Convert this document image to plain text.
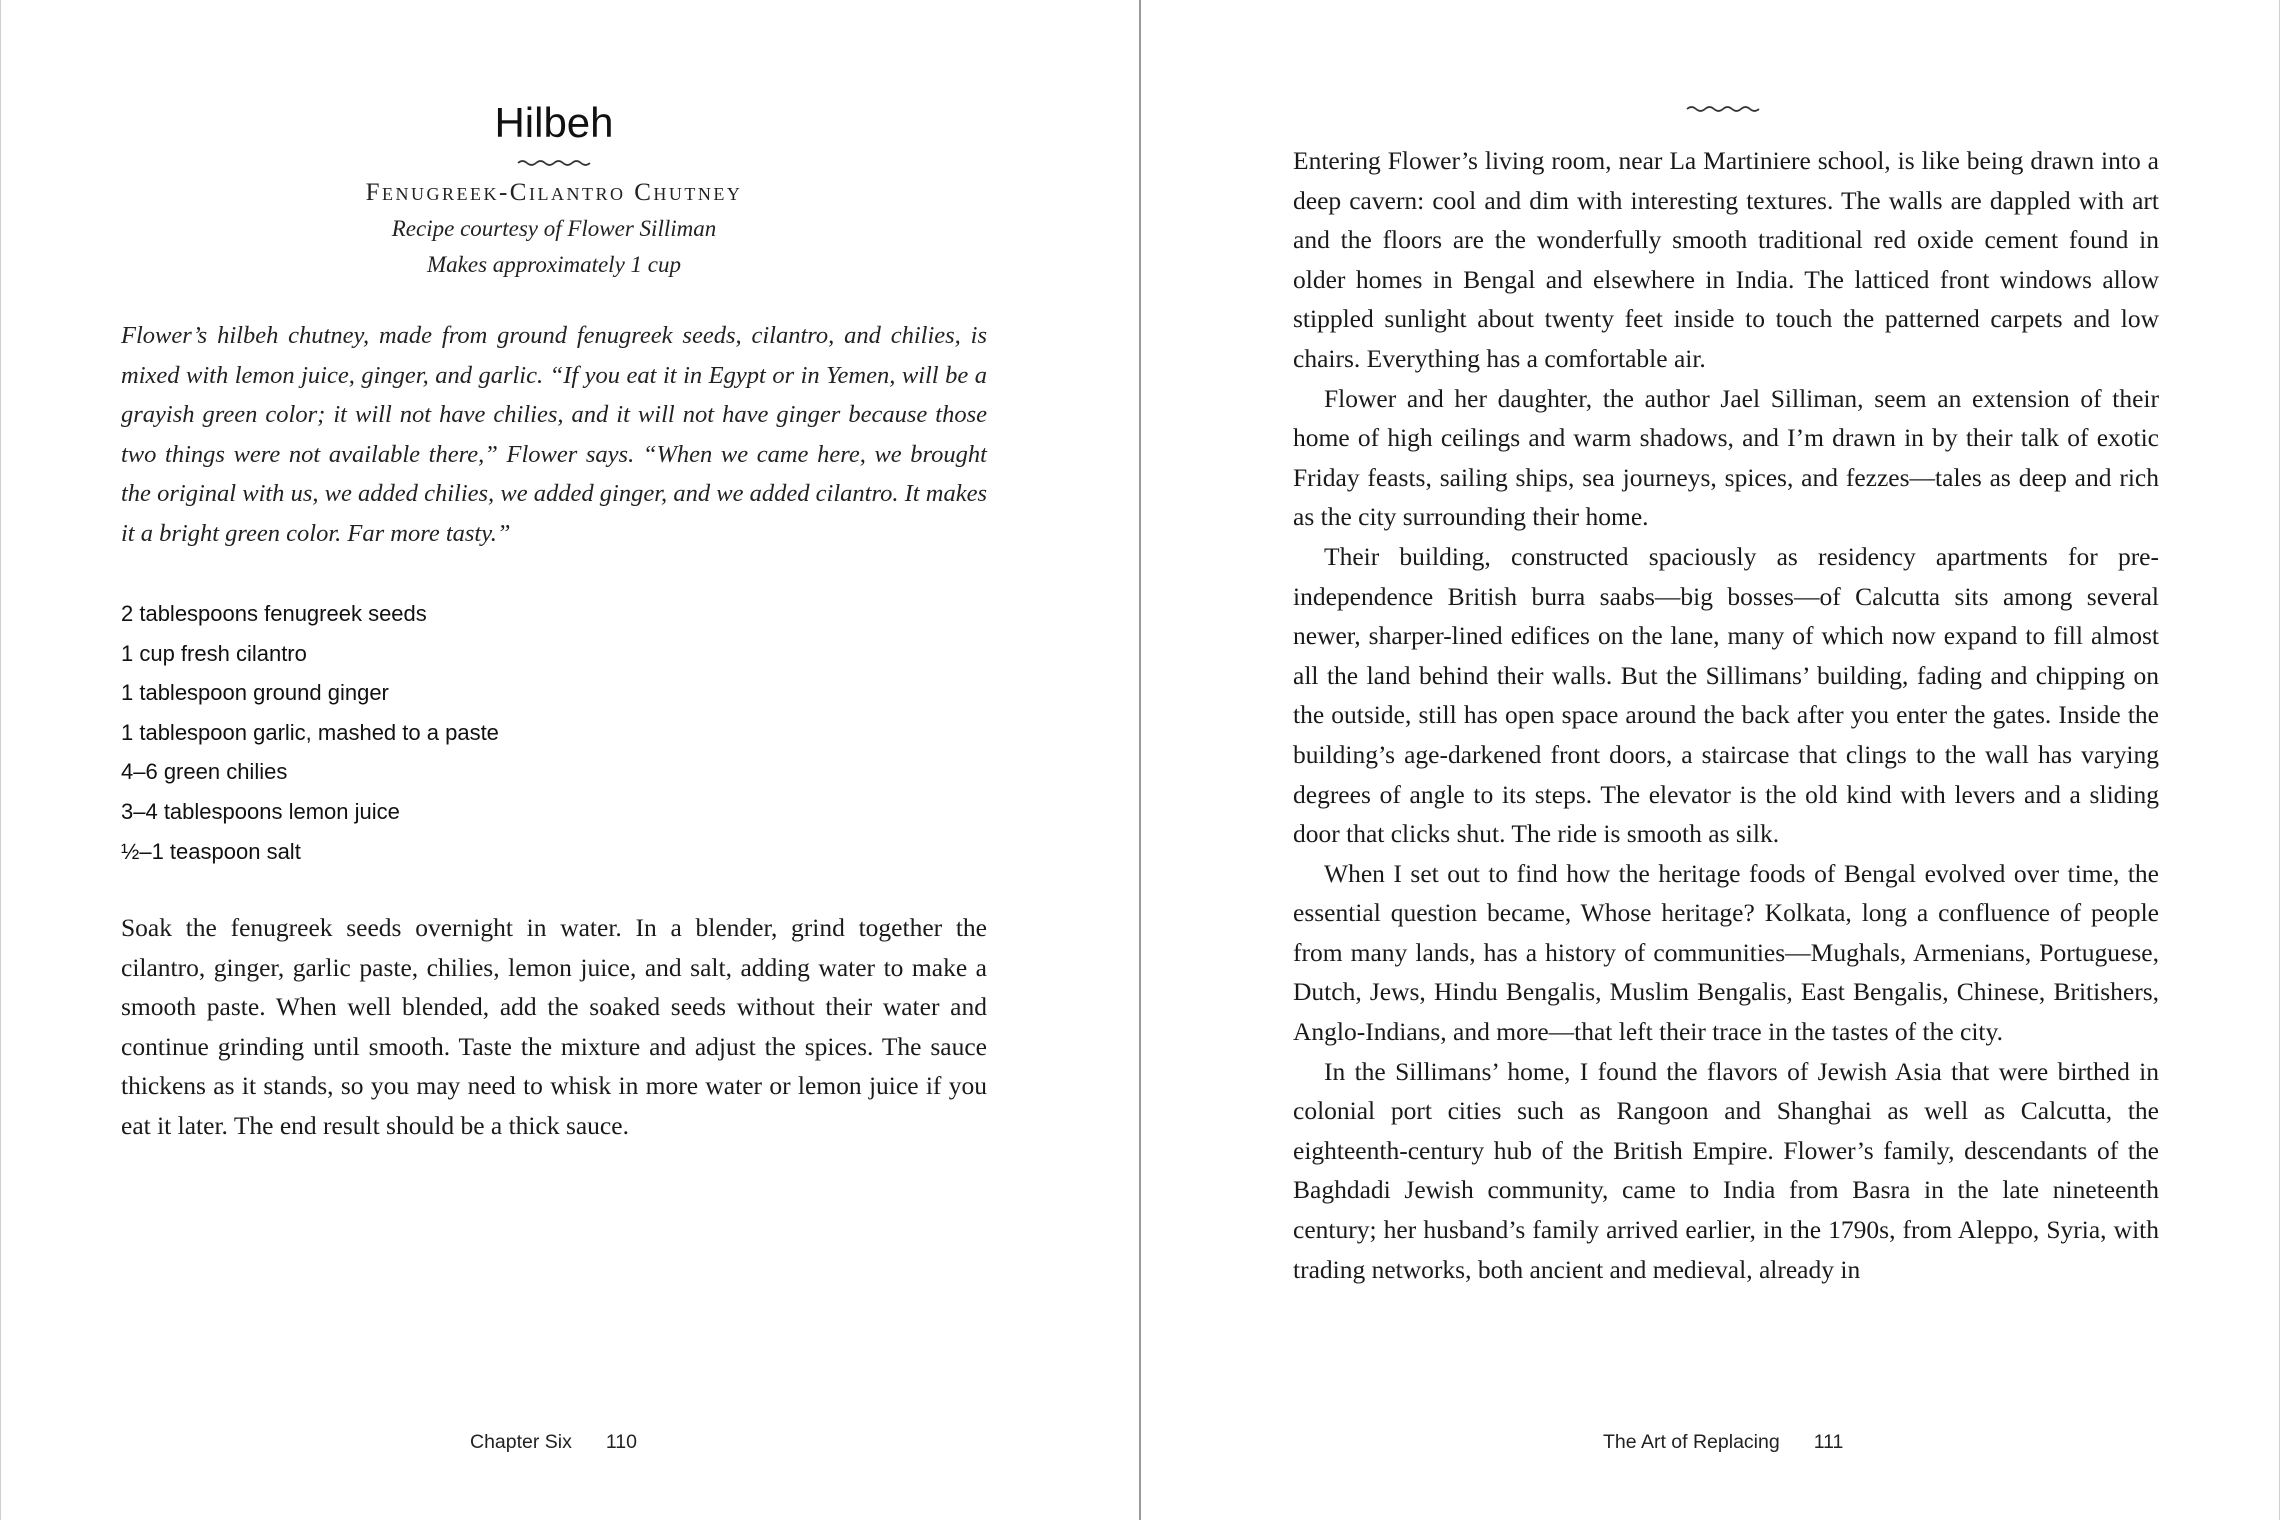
Hilbeh
Fenugreek-Cilantro Chutney
Recipe courtesy of Flower Silliman
Makes approximately 1 cup
Flower’s hilbeh chutney, made from ground fenugreek seeds, cilantro, and chilies, is mixed with lemon juice, ginger, and garlic. “If you eat it in Egypt or in Yemen, will be a grayish green color; it will not have chilies, and it will not have ginger because those two things were not available there,” Flower says. “When we came here, we brought the original with us, we added chilies, we added ginger, and we added cilantro. It makes it a bright green color. Far more tasty.”
2 tablespoons fenugreek seeds
1 cup fresh cilantro
1 tablespoon ground ginger
1 tablespoon garlic, mashed to a paste
4–6 green chilies
3–4 tablespoons lemon juice
½–1 teaspoon salt
Soak the fenugreek seeds overnight in water. In a blender, grind together the cilantro, ginger, garlic paste, chilies, lemon juice, and salt, adding water to make a smooth paste. When well blended, add the soaked seeds without their water and continue grinding until smooth. Taste the mixture and adjust the spices. The sauce thickens as it stands, so you may need to whisk in more water or lemon juice if you eat it later. The end result should be a thick sauce.
Chapter Six 110

Entering Flower’s living room, near La Martiniere school, is like being drawn into a deep cavern: cool and dim with interesting textures. The walls are dappled with art and the floors are the wonderfully smooth traditional red oxide cement found in older homes in Bengal and elsewhere in India. The latticed front windows allow stippled sunlight about twenty feet inside to touch the patterned carpets and low chairs. Everything has a comfortable air.

Flower and her daughter, the author Jael Silliman, seem an extension of their home of high ceilings and warm shadows, and I’m drawn in by their talk of exotic Friday feasts, sailing ships, sea journeys, spices, and fezzes—tales as deep and rich as the city surrounding their home.

Their building, constructed spaciously as residency apartments for pre-independence British burra saabs—big bosses—of Calcutta sits among several newer, sharper-lined edifices on the lane, many of which now expand to fill almost all the land behind their walls. But the Sillimans’ building, fading and chipping on the outside, still has open space around the back after you enter the gates. Inside the building’s age-darkened front doors, a staircase that clings to the wall has varying degrees of angle to its steps. The elevator is the old kind with levers and a sliding door that clicks shut. The ride is smooth as silk.

When I set out to find how the heritage foods of Bengal evolved over time, the essential question became, Whose heritage? Kolkata, long a confluence of people from many lands, has a history of communities—Mughals, Armenians, Portuguese, Dutch, Jews, Hindu Bengalis, Muslim Bengalis, East Bengalis, Chinese, Britishers, Anglo-Indians, and more—that left their trace in the tastes of the city.

In the Sillimans’ home, I found the flavors of Jewish Asia that were birthed in colonial port cities such as Rangoon and Shanghai as well as Calcutta, the eighteenth-century hub of the British Empire. Flower’s family, descendants of the Baghdadi Jewish community, came to India from Basra in the late nineteenth century; her husband’s family arrived earlier, in the 1790s, from Aleppo, Syria, with trading networks, both ancient and medieval, already in

The Art of Replacing 111
